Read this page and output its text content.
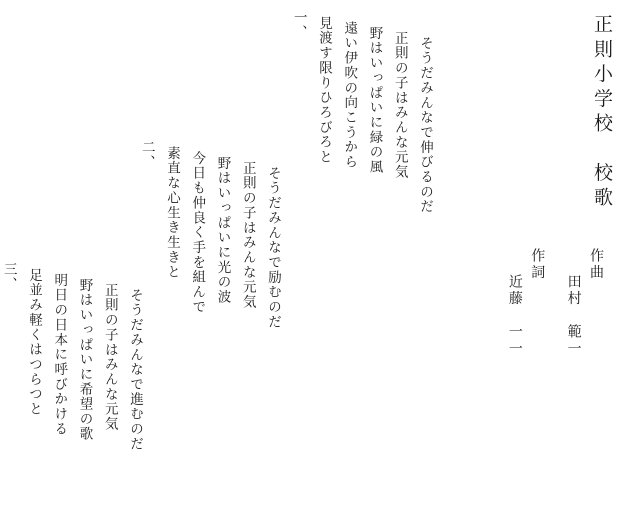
正則小学校　校歌
作詞
近藤　一一
作曲
田村　範一
一、 見渡す限りひろびろと 遠い伊吹の向こうから 野はいっぱいに緑の風 正則の子はみんな元気 そうだみんなで伸びるのだ
二、 素直な心生き生きと 今日も仲良く手を組んで 野はいっぱいに光の波 正則の子はみんな元気 そうだみんなで励むのだ
三、 足並み軽くはつらつと 明日の日本に呼びかける 野はいっぱいに希望の歌 正則の子はみんな元気 そうだみんなで進むのだ
